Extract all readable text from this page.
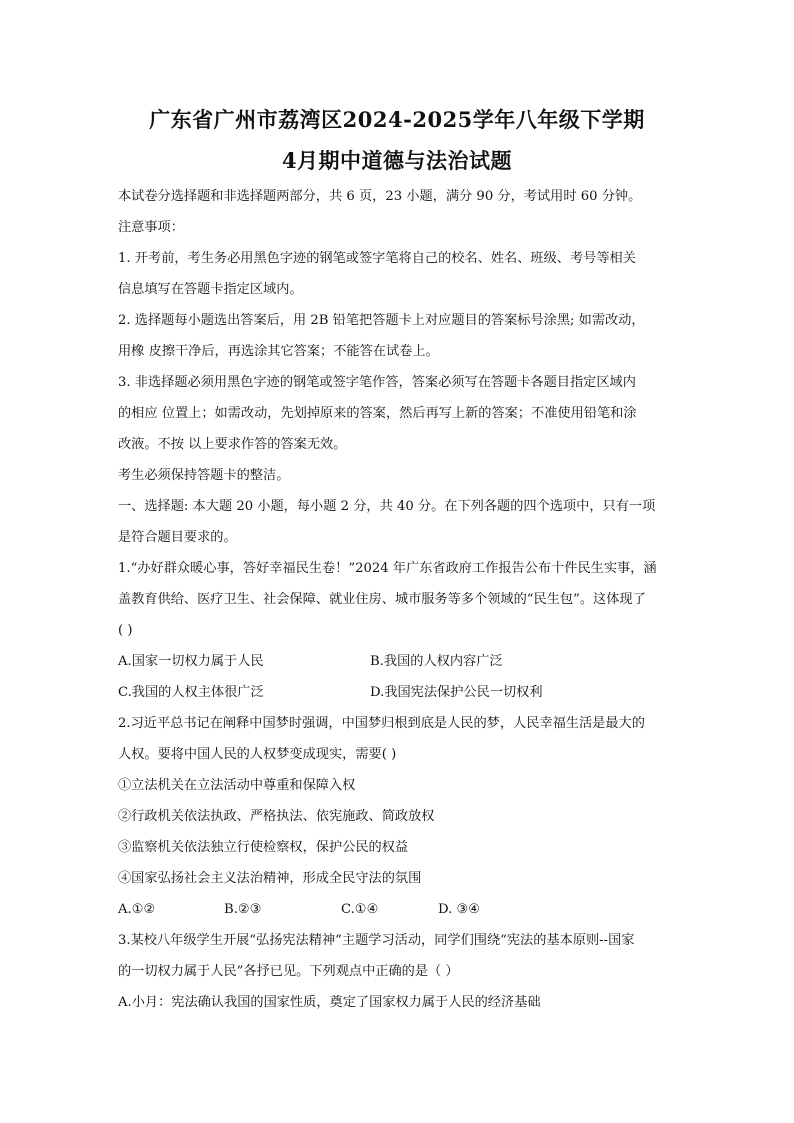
广东省广州市荔湾区2024-2025学年八年级下学期
4月期中道德与法治试题
本试卷分选择题和非选择题两部分，共 6 页，23 小题，满分 90 分，考试用时 60 分钟。
注意事项：
1. 开考前，考生务必用黑色字迹的钢笔或签字笔将自己的校名、姓名、班级、考号等相关
信息填写在答题卡指定区域内。
2. 选择题每小题选出答案后，用 2B 铅笔把答题卡上对应题目的答案标号涂黑; 如需改动，
用橡 皮擦干净后，再选涂其它答案；不能答在试卷上。
3. 非选择题必须用黑色字迹的钢笔或签字笔作答，答案必须写在答题卡各题目指定区域内
的相应 位置上；如需改动，先划掉原来的答案，然后再写上新的答案；不准使用铅笔和涂
改液。不按 以上要求作答的答案无效。
考生必须保持答题卡的整洁。
一、选择题: 本大题 20 小题，每小题 2 分，共 40 分。在下列各题的四个选项中，只有一项
是符合题目要求的。
1.“办好群众暖心事，答好幸福民生卷！”2024 年广东省政府工作报告公布十件民生实事，涵
盖教育供给、医疗卫生、社会保障、就业住房、城市服务等多个领域的“民生包”。这体现了
( )
A.国家一切权力属于人民	B.我国的人权内容广泛
C.我国的人权主体很广泛	D.我国宪法保护公民一切权利
2.习近平总书记在阐释中国梦时强调，中国梦归根到底是人民的梦，人民幸福生活是最大的
人权。要将中国人民的人权梦变成现实，需要( )
①立法机关在立法活动中尊重和保障入权
②行政机关依法执政、严格执法、依宪施政、简政放权
③监察机关依法独立行使检察权，保护公民的权益
④国家弘扬社会主义法治精神，形成全民守法的氛围
A.①②	B.②③	C.①④	D. ③④
3.某校八年级学生开展“弘扬宪法精神”主题学习活动，同学们围绕“宪法的基本原则--国家
的一切权力属于人民”各抒已见。下列观点中正确的是（ ）
A.小月：宪法确认我国的国家性质，奠定了国家权力属于人民的经济基础
